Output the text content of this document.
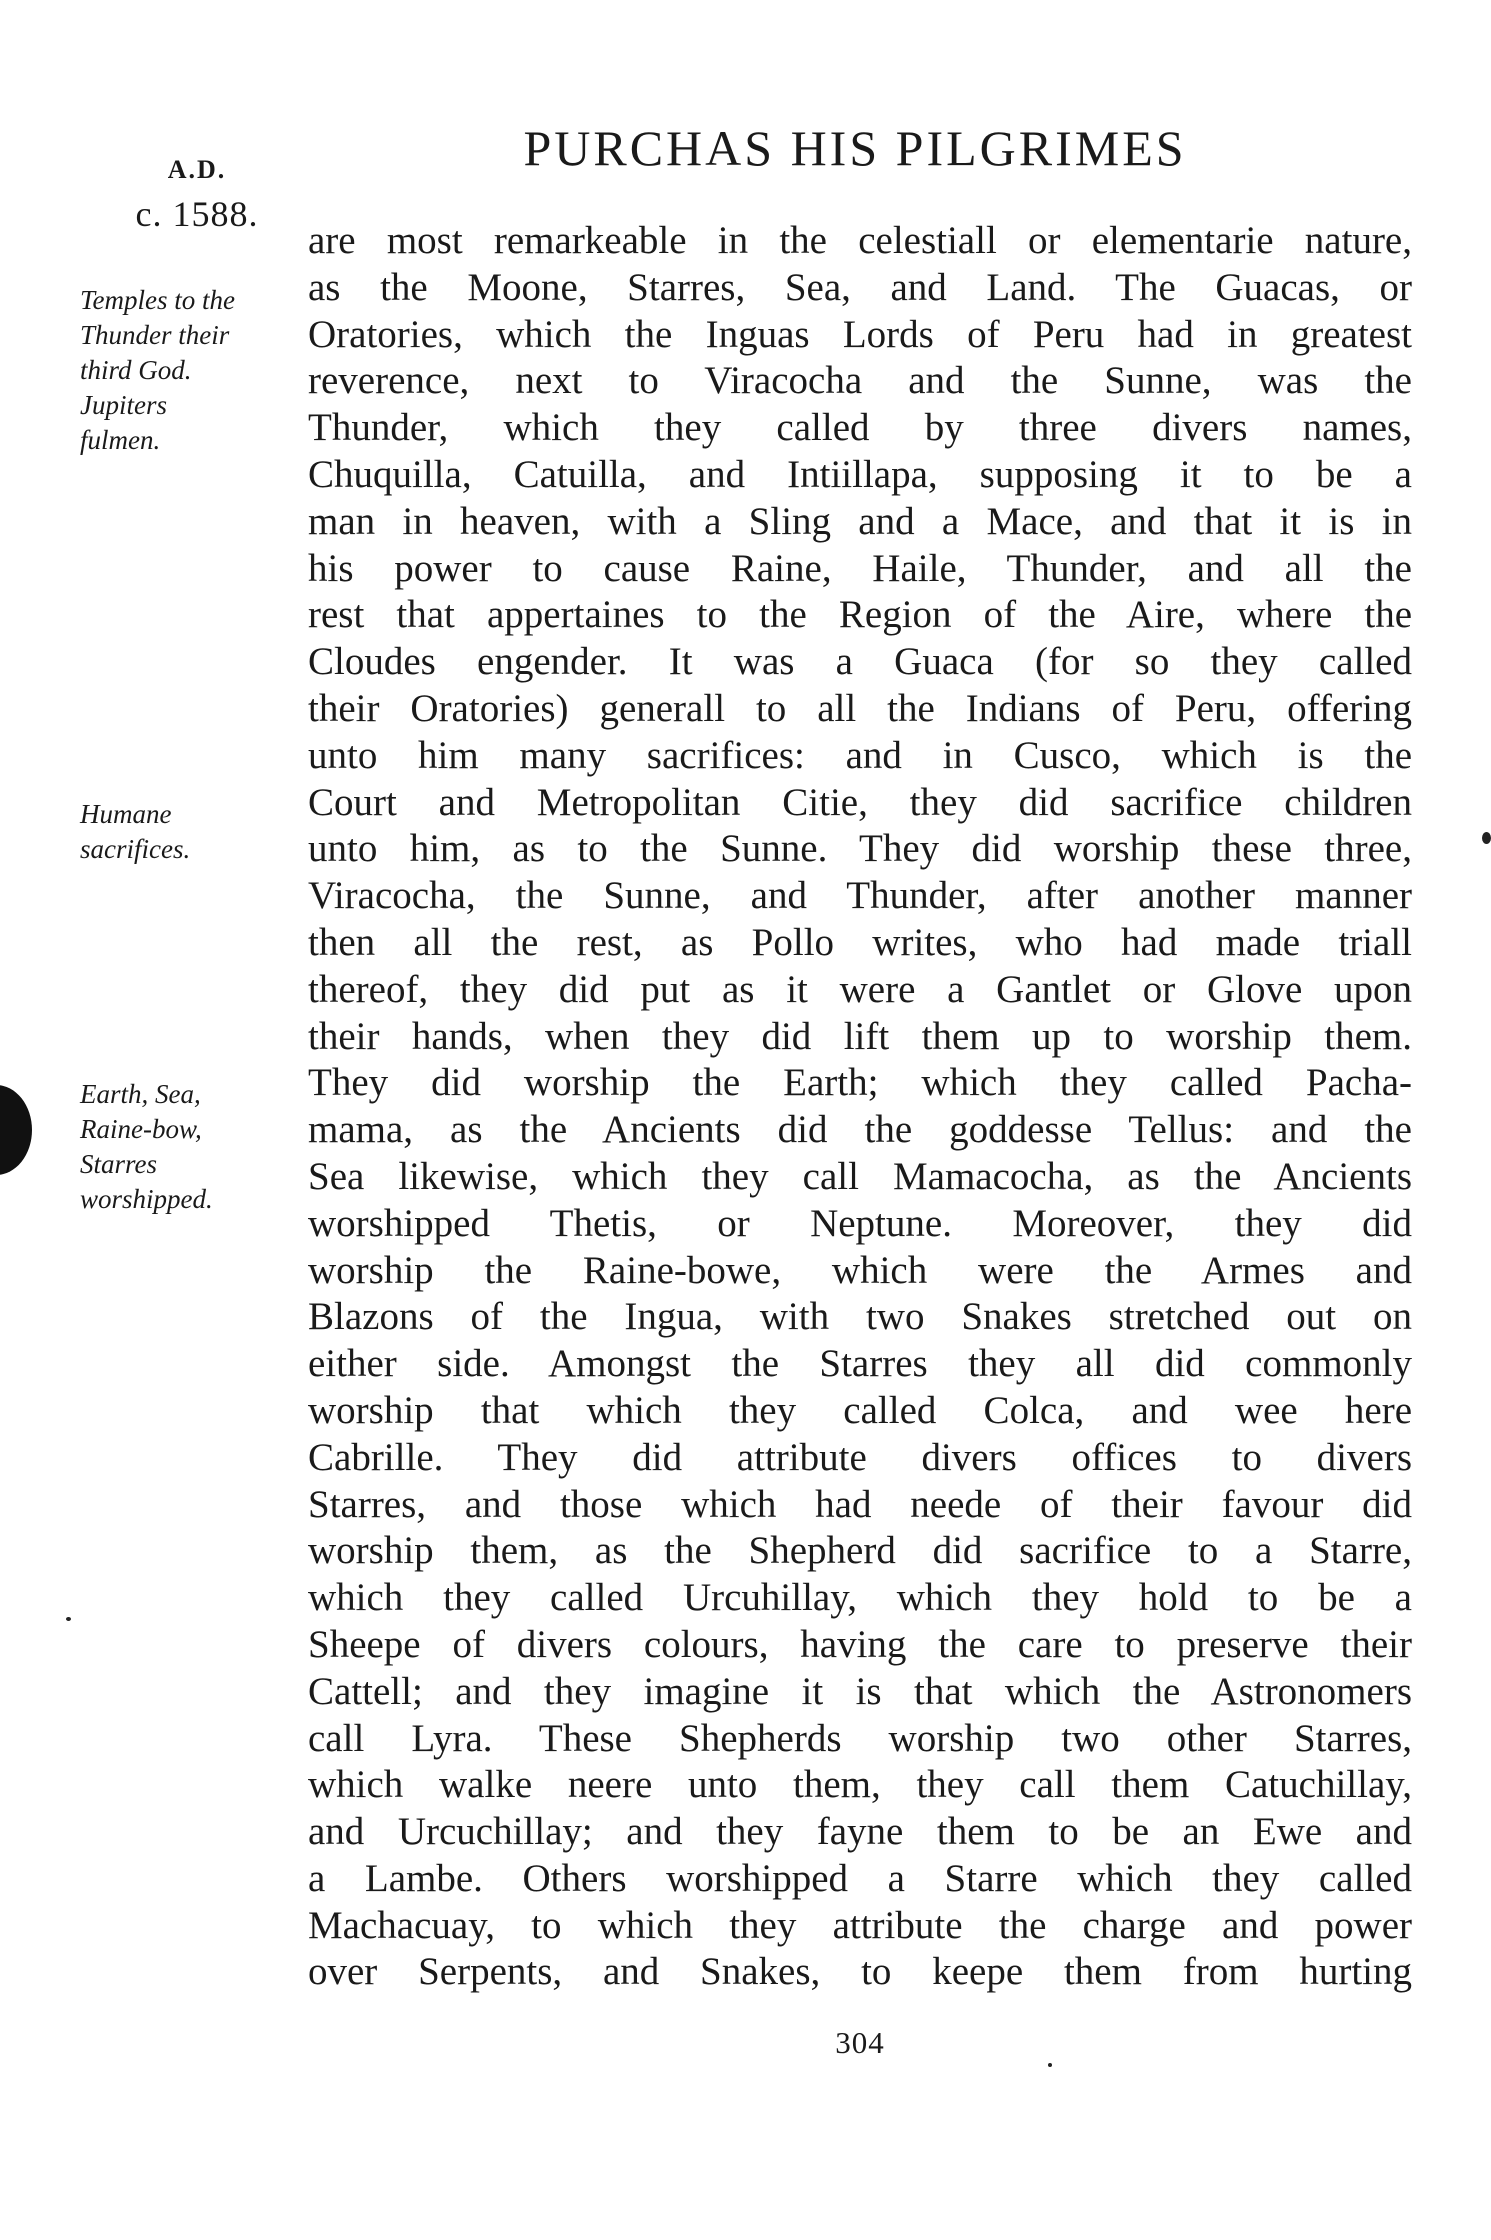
A.D.
c. 1588.
PURCHAS HIS PILGRIMES
Temples to the
Thunder their
third God.
Jupiters
fulmen.
Humane
sacrifices.
Earth, Sea,
Raine-bow,
Starres
worshipped.
are most remarkeable in the celestiall or elementarie nature,
as the Moone, Starres, Sea, and Land. The Guacas, or
Oratories, which the Inguas Lords of Peru had in greatest
reverence, next to Viracocha and the Sunne, was the
Thunder, which they called by three divers names,
Chuquilla, Catuilla, and Intiillapa, supposing it to be a
man in heaven, with a Sling and a Mace, and that it is in
his power to cause Raine, Haile, Thunder, and all the
rest that appertaines to the Region of the Aire, where the
Cloudes engender. It was a Guaca (for so they called
their Oratories) generall to all the Indians of Peru, offering
unto him many sacrifices: and in Cusco, which is the
Court and Metropolitan Citie, they did sacrifice children
unto him, as to the Sunne. They did worship these three,
Viracocha, the Sunne, and Thunder, after another manner
then all the rest, as Pollo writes, who had made triall
thereof, they did put as it were a Gantlet or Glove upon
their hands, when they did lift them up to worship them.
They did worship the Earth; which they called Pacha-
mama, as the Ancients did the goddesse Tellus: and the
Sea likewise, which they call Mamacocha, as the Ancients
worshipped Thetis, or Neptune. Moreover, they did
worship the Raine-bowe, which were the Armes and
Blazons of the Ingua, with two Snakes stretched out on
either side. Amongst the Starres they all did commonly
worship that which they called Colca, and wee here
Cabrille. They did attribute divers offices to divers
Starres, and those which had neede of their favour did
worship them, as the Shepherd did sacrifice to a Starre,
which they called Urcuhillay, which they hold to be a
Sheepe of divers colours, having the care to preserve their
Cattell; and they imagine it is that which the Astronomers
call Lyra. These Shepherds worship two other Starres,
which walke neere unto them, they call them Catuchillay,
and Urcuchillay; and they fayne them to be an Ewe and
a Lambe. Others worshipped a Starre which they called
Machacuay, to which they attribute the charge and power
over Serpents, and Snakes, to keepe them from hurting
304
